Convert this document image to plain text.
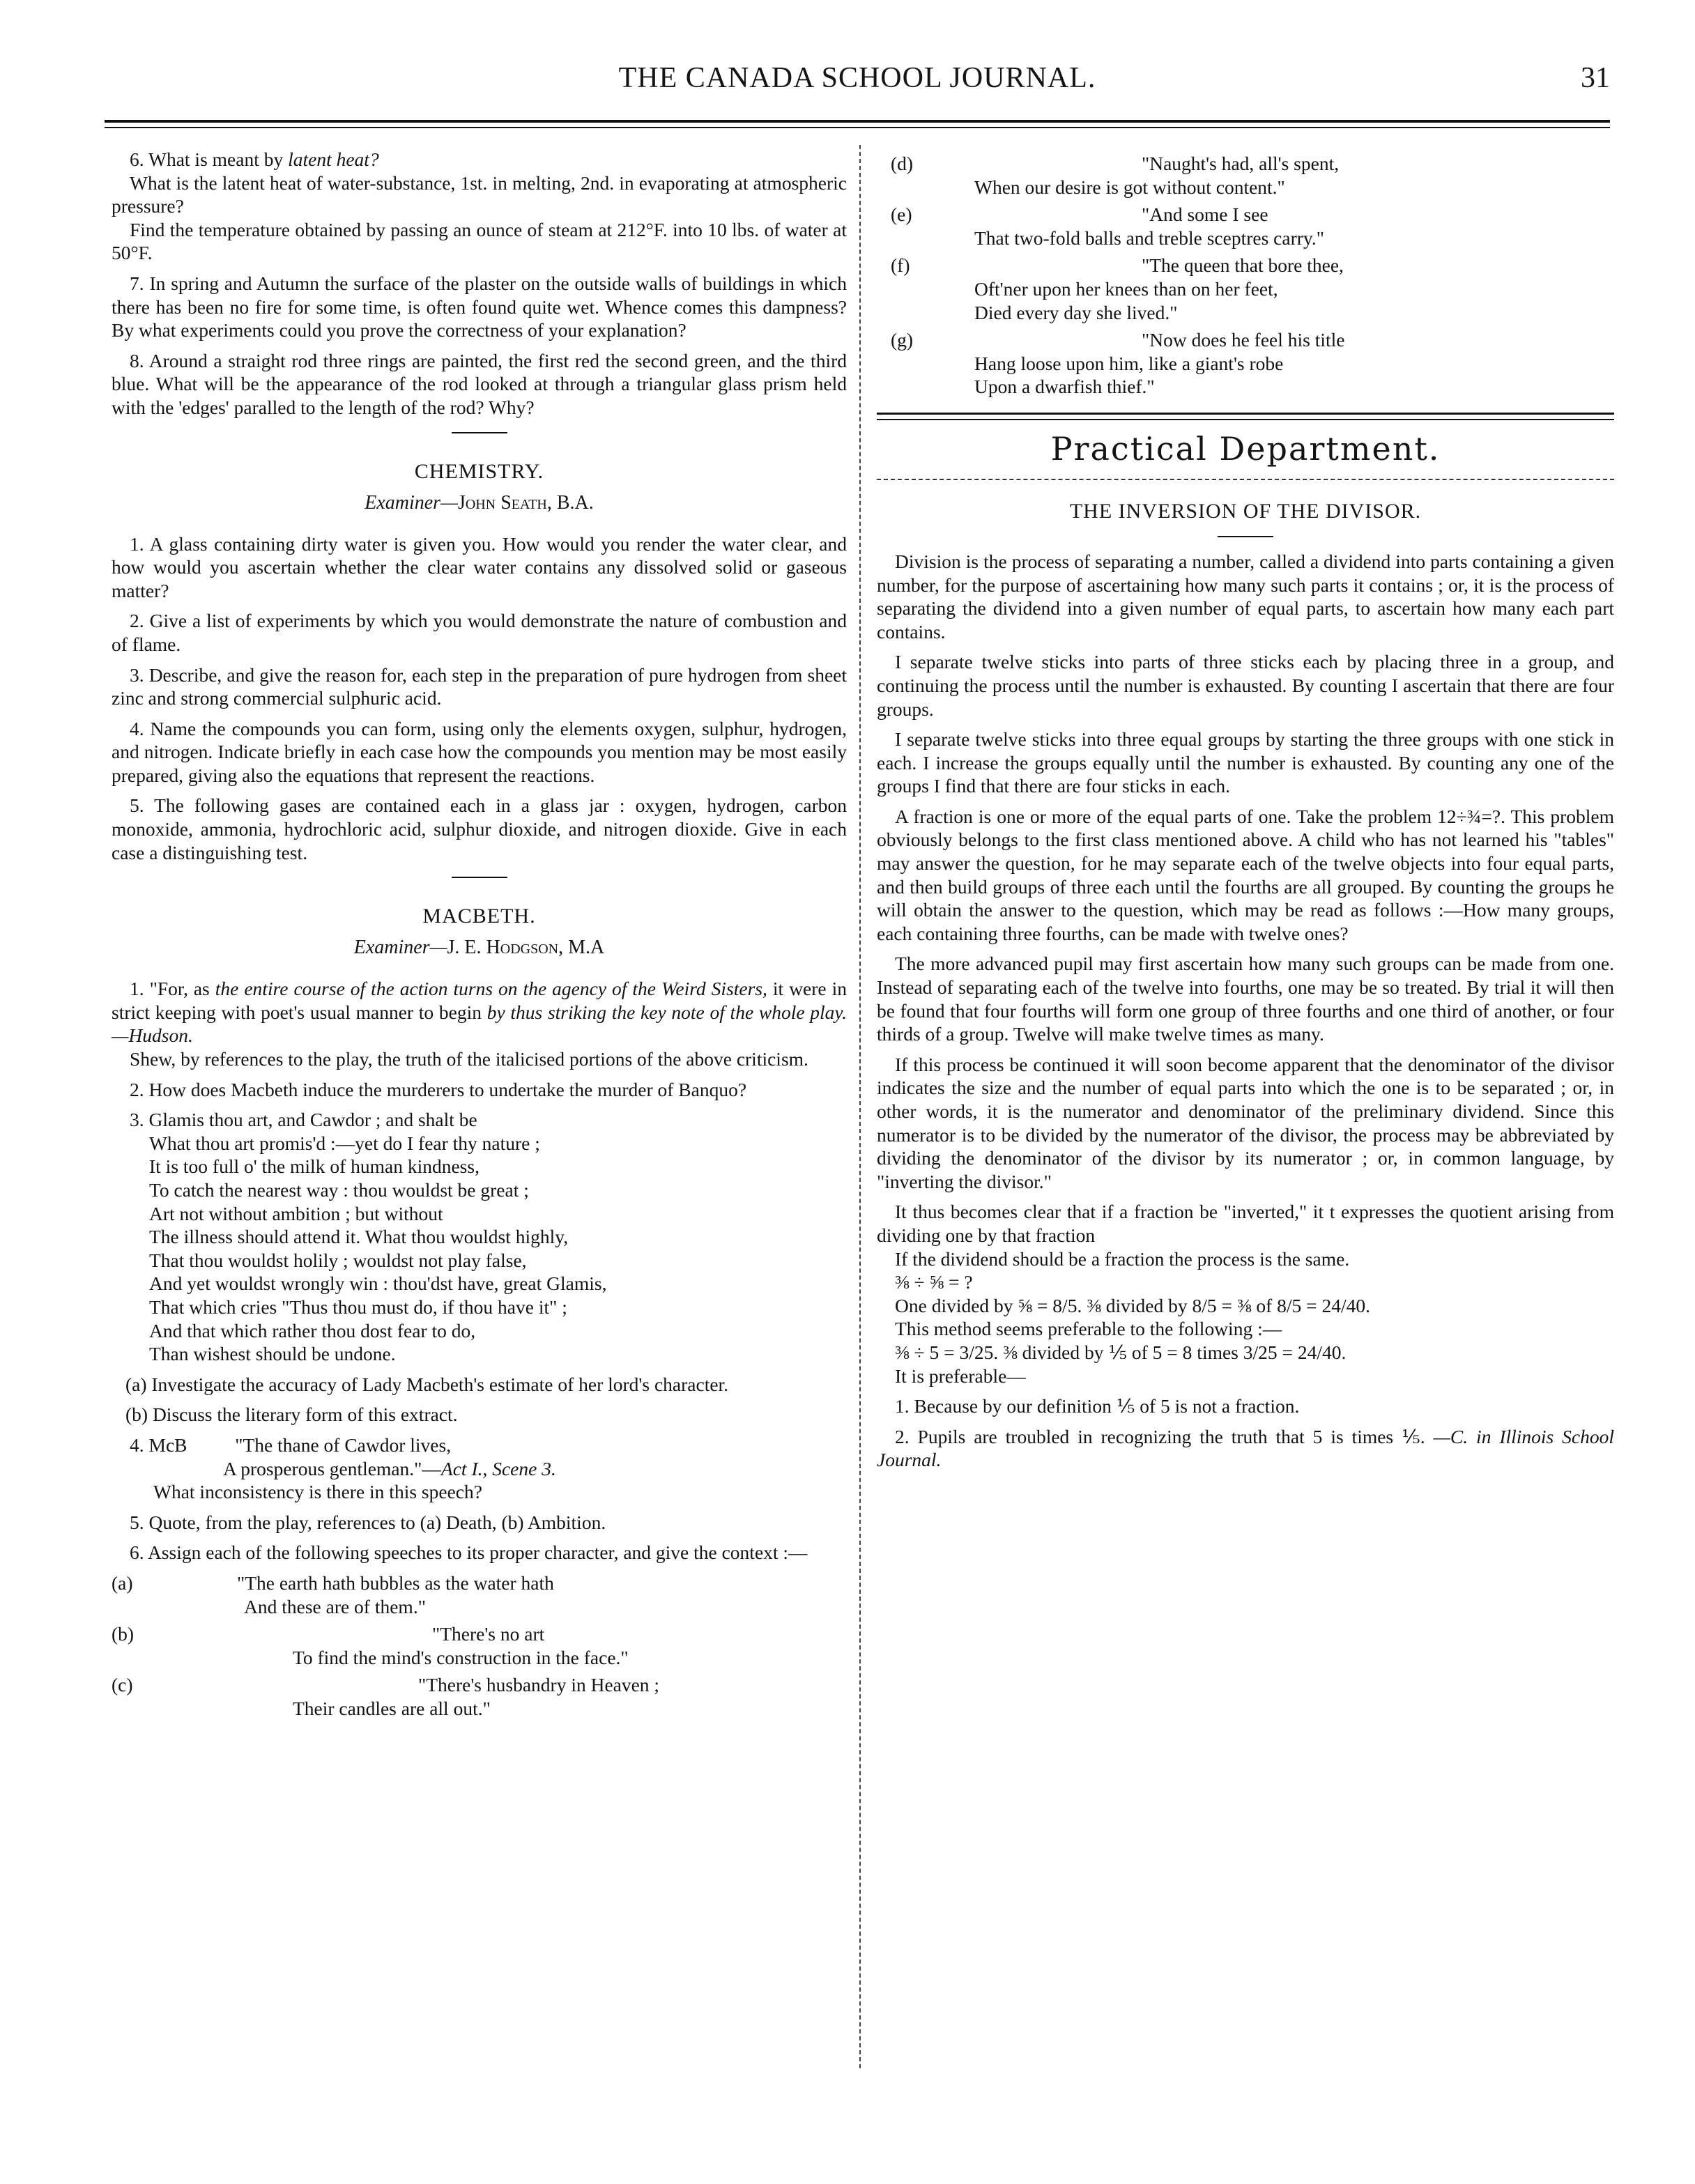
THE CANADA SCHOOL JOURNAL.	31

6. What is meant by latent heat?

What is the latent heat of water-substance, 1st. in melting, 2nd. in evaporating at atmospheric pressure?

Find the temperature obtained by passing an ounce of steam at 212°F. into 10 lbs. of water at 50°F.

7. In spring and Autumn the surface of the plaster on the outside walls of buildings in which there has been no fire for some time, is often found quite wet. Whence comes this dampness? By what experiments could you prove the correctness of your explanation?

8. Around a straight rod three rings are painted, the first red the second green, and the third blue. What will be the appearance of the rod looked at through a triangular glass prism held with the 'edges' paralled to the length of the rod? Why?

CHEMISTRY.
Examiner—John Seath, B.A.

1. A glass containing dirty water is given you. How would you render the water clear, and how would you ascertain whether the clear water contains any dissolved solid or gaseous matter?

2. Give a list of experiments by which you would demonstrate the nature of combustion and of flame.

3. Describe, and give the reason for, each step in the preparation of pure hydrogen from sheet zinc and strong commercial sulphuric acid.

4. Name the compounds you can form, using only the elements oxygen, sulphur, hydrogen, and nitrogen. Indicate briefly in each case how the compounds you mention may be most easily prepared, giving also the equations that represent the reactions.

5. The following gases are contained each in a glass jar : oxygen, hydrogen, carbon monoxide, ammonia, hydrochloric acid, sulphur dioxide, and nitrogen dioxide. Give in each case a distinguishing test.

MACBETH.
Examiner—J. E. Hodgson, M.A

1. "For, as the entire course of the action turns on the agency of the Weird Sisters, it were in strict keeping with poet's usual manner to begin by thus striking the key note of the whole play.—Hudson.

Shew, by references to the play, the truth of the italicised portions of the above criticism.

2. How does Macbeth induce the murderers to undertake the murder of Banquo?

3. Glamis thou art, and Cawdor ; and shalt be

What thou art promis'd :—yet do I fear thy nature ;

It is too full o' the milk of human kindness,

To catch the nearest way : thou wouldst be great ;

Art not without ambition ; but without

The illness should attend it. What thou wouldst highly,

That thou wouldst holily ; wouldst not play false,

And yet wouldst wrongly win : thou'dst have, great Glamis,

That which cries "Thus thou must do, if thou have it" ;

And that which rather thou dost fear to do,

Than wishest should be undone.

(a) Investigate the accuracy of Lady Macbeth's estimate of her lord's character.

(b) Discuss the literary form of this extract.

4. McB          "The thane of Cawdor lives,

A prosperous gentleman."—Act I., Scene 3.

What inconsistency is there in this speech?

5. Quote, from the play, references to (a) Death, (b) Ambition.

6. Assign each of the following speeches to its proper character, and give the context :—

(a)	"The earth hath bubbles as the water hath

And these are of them."

(b)	"There's no art

To find the mind's construction in the face."

(c)	"There's husbandry in Heaven ;

Their candles are all out."

(d)	"Naught's had, all's spent,

When our desire is got without content."

(e)	"And some I see

That two-fold balls and treble sceptres carry."

(f)	"The queen that bore thee,

Oft'ner upon her knees than on her feet,

Died every day she lived."

(g)	"Now does he feel his title

Hang loose upon him, like a giant's robe

Upon a dwarfish thief."

Practical Department.
THE INVERSION OF THE DIVISOR.

Division is the process of separating a number, called a dividend into parts containing a given number, for the purpose of ascertaining how many such parts it contains ; or, it is the process of separating the dividend into a given number of equal parts, to ascertain how many each part contains.

I separate twelve sticks into parts of three sticks each by placing three in a group, and continuing the process until the number is exhausted. By counting I ascertain that there are four groups.

I separate twelve sticks into three equal groups by starting the three groups with one stick in each. I increase the groups equally until the number is exhausted. By counting any one of the groups I find that there are four sticks in each.

A fraction is one or more of the equal parts of one. Take the problem 12÷¾=?. This problem obviously belongs to the first class mentioned above. A child who has not learned his "tables" may answer the question, for he may separate each of the twelve objects into four equal parts, and then build groups of three each until the fourths are all grouped. By counting the groups he will obtain the answer to the question, which may be read as follows :—How many groups, each containing three fourths, can be made with twelve ones?

The more advanced pupil may first ascertain how many such groups can be made from one. Instead of separating each of the twelve into fourths, one may be so treated. By trial it will then be found that four fourths will form one group of three fourths and one third of another, or four thirds of a group. Twelve will make twelve times as many.

If this process be continued it will soon become apparent that the denominator of the divisor indicates the size and the number of equal parts into which the one is to be separated ; or, in other words, it is the numerator and denominator of the preliminary dividend. Since this numerator is to be divided by the numerator of the divisor, the process may be abbreviated by dividing the denominator of the divisor by its numerator ; or, in common language, by "inverting the divisor."

It thus becomes clear that if a fraction be "inverted," it t expresses the quotient arising from dividing one by that fraction

If the dividend should be a fraction the process is the same.

⅜ ÷ ⅝ = ?

One divided by ⅝ = 8/5. ⅜ divided by 8/5 = ⅜ of 8/5 = 24/40.

This method seems preferable to the following :—

⅜ ÷ 5 = 3/25. ⅜ divided by ⅕ of 5 = 8 times 3/25 = 24/40.

It is preferable—

1. Because by our definition ⅕ of 5 is not a fraction.

2. Pupils are troubled in recognizing the truth that 5 is times ⅕. —C. in Illinois School Journal.
